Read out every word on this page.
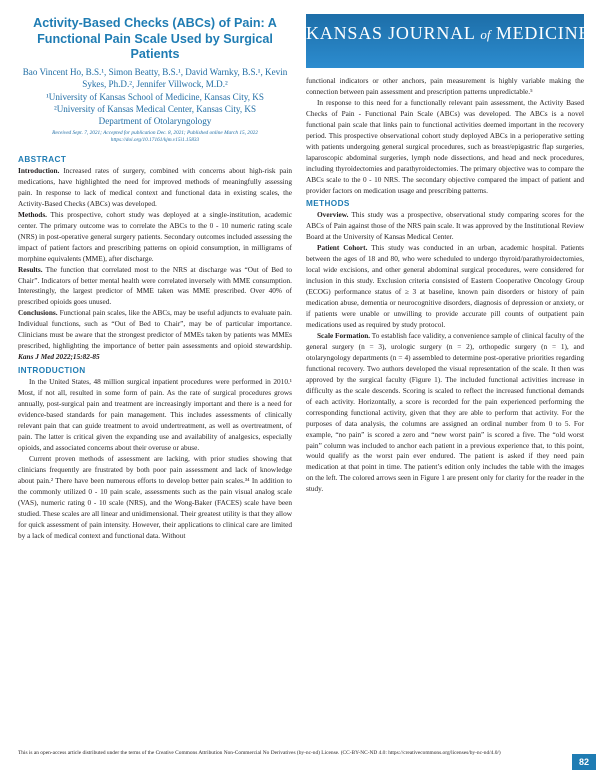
Activity-Based Checks (ABCs) of Pain: A Functional Pain Scale Used by Surgical Patients
Bao Vincent Ho, B.S.¹, Simon Beatty, B.S.¹, David Warnky, B.S.¹, Kevin Sykes, Ph.D.², Jennifer Villwock, M.D.²
¹University of Kansas School of Medicine, Kansas City, KS
²University of Kansas Medical Center, Kansas City, KS
Department of Otolaryngology
Received Sept. 7, 2021; Accepted for publication Dec. 8, 2021; Published online March 15, 2022
https://doi.org/10.17161/kjm.v15i1.15833
KANSAS JOURNAL of MEDICINE
ABSTRACT

Introduction. Increased rates of surgery, combined with concerns about high-risk pain medications, have highlighted the need for improved methods of meaningfully assessing pain. In response to lack of medical context and functional data in existing scales, the Activity-Based Checks (ABCs) was developed.

Methods. This prospective, cohort study was deployed at a single-institution, academic center. The primary outcome was to correlate the ABCs to the 0 - 10 numeric rating scale (NRS) in post-operative general surgery patients. Secondary outcomes included assessing the impact of patient factors and prescribing patterns on opioid consumption, in milligrams of morphine equivalents (MME), after discharge.

Results. The function that correlated most to the NRS at discharge was “Out of Bed to Chair”. Indicators of better mental health were correlated inversely with MME consumption. Interestingly, the largest predictor of MME taken was MME prescribed. Over 40% of prescribed opioids goes unused.

Conclusions. Functional pain scales, like the ABCs, may be useful adjuncts to evaluate pain. Individual functions, such as “Out of Bed to Chair”, may be of particular importance. Clinicians must be aware that the strongest predictor of MMEs taken by patients was MMEs prescribed, highlighting the importance of better pain assessments and opioid stewardship. Kans J Med 2022;15:82-85

INTRODUCTION

In the United States, 48 million surgical inpatient procedures were performed in 2010.¹ Most, if not all, resulted in some form of pain. As the rate of surgical procedures grows annually, post-surgical pain and treatment are increasingly important and there is a need for evidence-based standards for pain management. This includes assessments of clinically relevant pain that can guide treatment to avoid undertreatment, as well as overtreatment, of pain. The latter is critical given the expanding use and availability of analgesics, especially opioids, and associated concerns about their overuse or abuse.

Current proven methods of assessment are lacking, with prior studies showing that clinicians frequently are frustrated by both poor pain assessment and lack of knowledge about pain.² There have been numerous efforts to develop better pain scales.³⁴ In addition to the commonly utilized 0 - 10 pain scale, assessments such as the pain visual analog scale (VAS), numeric rating 0 - 10 scale (NRS), and the Wong-Baker (FACES) scale have been studied. These scales are all linear and unidimensional. Their greatest utility is that they allow for quick assessment of pain intensity. However, their applications to clinical care are limited by a lack of medical context and functional data. Without

functional indicators or other anchors, pain measurement is highly variable making the connection between pain assessment and prescription patterns unpredictable.⁵

In response to this need for a functionally relevant pain assessment, the Activity Based Checks of Pain - Functional Pain Scale (ABCs) was developed. The ABCs is a novel functional pain scale that links pain to functional activities deemed important in the recovery period. This prospective observational cohort study deployed ABCs in a perioperative setting with patients undergoing general surgical procedures, such as breast/epigastric flap surgeries, laparoscopic abdominal surgeries, lymph node dissections, and head and neck procedures, including thyroidectomies and parathyroidectomies. The primary objective was to compare the ABCs scale to the 0 - 10 NRS. The secondary objective compared the impact of patient and provider factors on medication usage and prescribing patterns.

METHODS

Overview. This study was a prospective, observational study comparing scores for the ABCs of Pain against those of the NRS pain scale. It was approved by the Institutional Review Board at the University of Kansas Medical Center.

Patient Cohort. This study was conducted in an urban, academic hospital. Patients between the ages of 18 and 80, who were scheduled to undergo thyroid/parathyroidectomies, local wide excisions, and other general abdominal surgical procedures, were considered for inclusion in this study. Exclusion criteria consisted of Eastern Cooperative Oncology Group (ECOG) performance status of ≥ 3 at baseline, known pain disorders or history of pain medication abuse, dementia or neurocognitive disorders, diagnosis of depression or anxiety, or if patients were unable or unwilling to provide accurate pill counts of outpatient pain medications used as required by study protocol.

Scale Formation. To establish face validity, a convenience sample of clinical faculty of the general surgery (n = 3), urologic surgery (n = 2), orthopedic surgery (n = 1), and otolaryngology departments (n = 4) assembled to determine post-operative priorities regarding functional recovery. Two authors developed the visual representation of the scale. It then was approved by the surgical faculty (Figure 1). The included functional activities increase in difficulty as the scale descends. Scoring is scaled to reflect the increased functional demands of each activity. Horizontally, a score is recorded for the pain experienced performing the corresponding functional activity, given that they are able to perform that activity. For the purposes of data analysis, the columns are assigned an ordinal number from 0 to 5. For example, “no pain” is scored a zero and “new worst pain” is scored a five. The “old worst pain” column was included to anchor each patient in a previous experience that, to this point, would qualify as the worst pain ever endured. The patient is asked if they need pain medication at that point in time. The patient’s edition only includes the table with the images on the left. The colored arrows seen in Figure 1 are present only for clarity for the reader in the study.

This is an open-access article distributed under the terms of the Creative Commons Attribution Non-Commercial No Derivatives (by-nc-nd) License. (CC-BY-NC-ND 4.0: https://creativecommons.org/licenses/by-nc-nd/4.0/)
82
